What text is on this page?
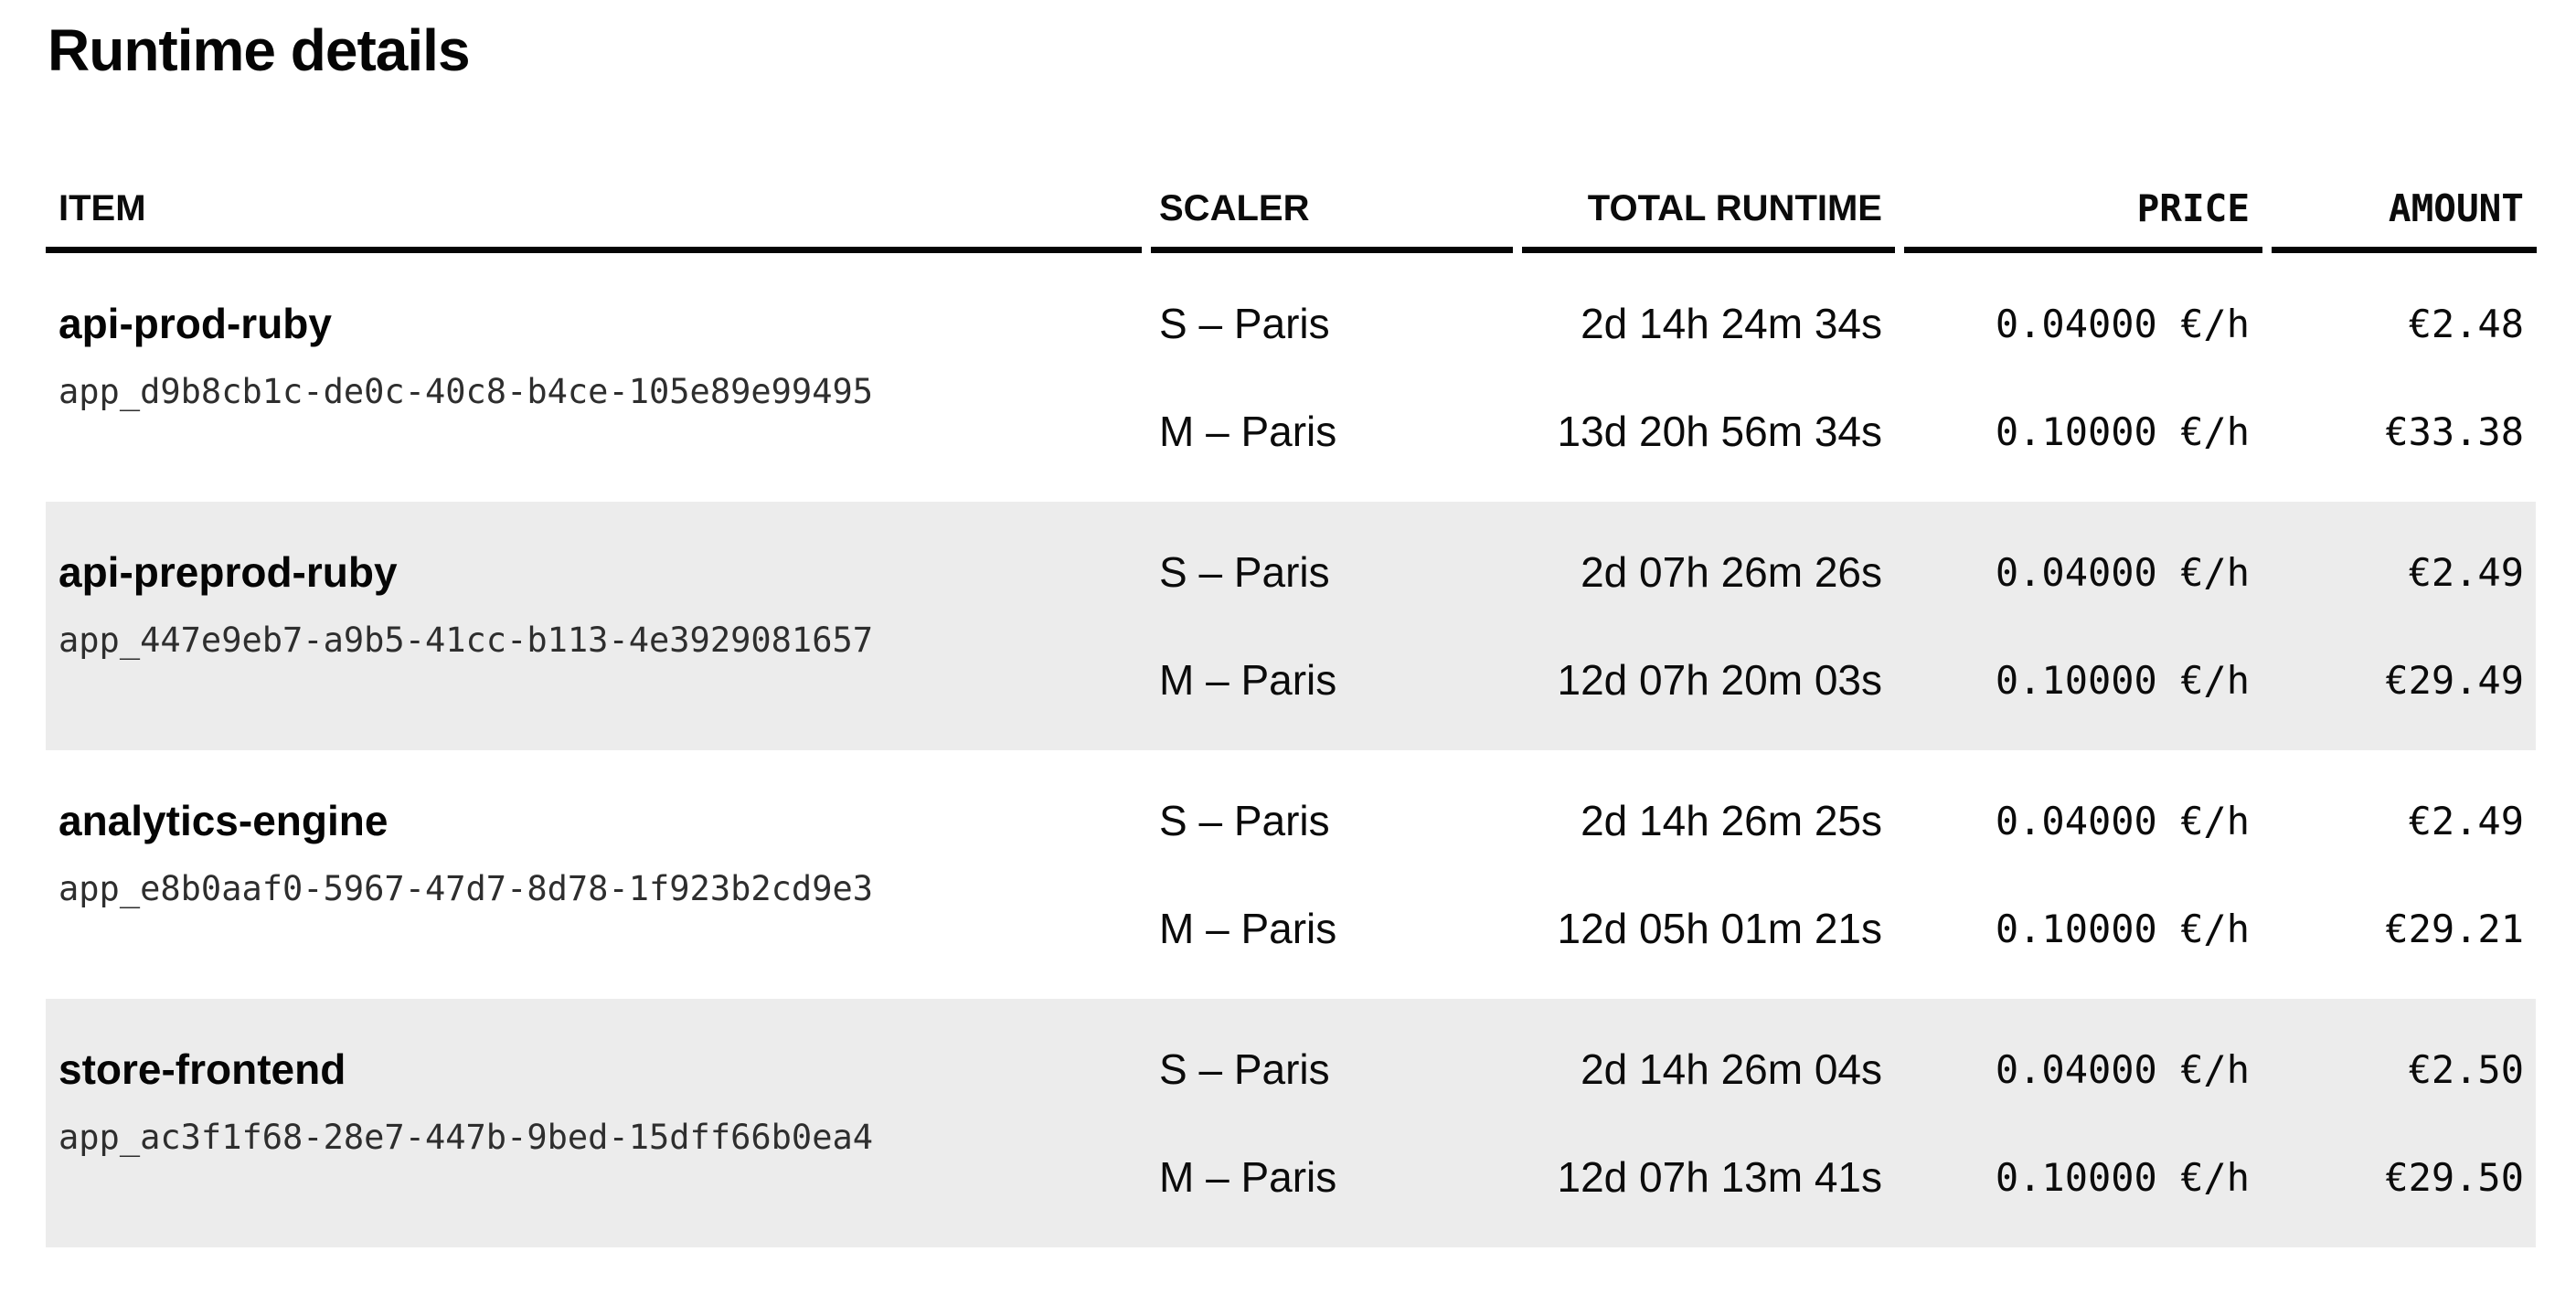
Runtime details
ITEM	SCALER	TOTAL RUNTIME	PRICE	AMOUNT
api-prod-ruby
app_d9b8cb1c-de0c-40c8-b4ce-105e89e99495
S – Paris	2d 14h 24m 34s	0.04000 €/h	€2.48
M – Paris	13d 20h 56m 34s	0.10000 €/h	€33.38
api-preprod-ruby
app_447e9eb7-a9b5-41cc-b113-4e3929081657
S – Paris	2d 07h 26m 26s	0.04000 €/h	€2.49
M – Paris	12d 07h 20m 03s	0.10000 €/h	€29.49
analytics-engine
app_e8b0aaf0-5967-47d7-8d78-1f923b2cd9e3
S – Paris	2d 14h 26m 25s	0.04000 €/h	€2.49
M – Paris	12d 05h 01m 21s	0.10000 €/h	€29.21
store-frontend
app_ac3f1f68-28e7-447b-9bed-15dff66b0ea4
S – Paris	2d 14h 26m 04s	0.04000 €/h	€2.50
M – Paris	12d 07h 13m 41s	0.10000 €/h	€29.50
